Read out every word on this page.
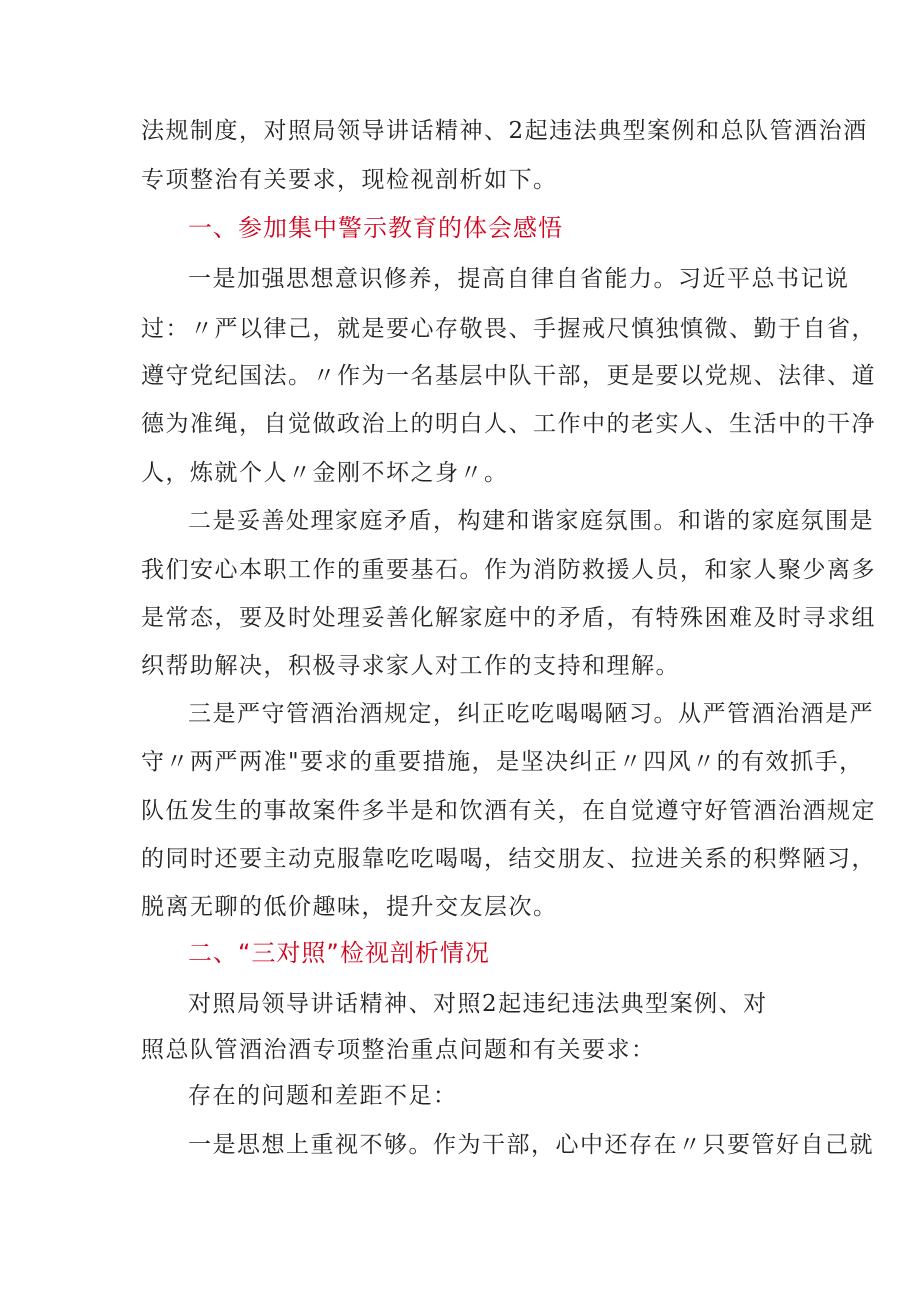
法规制度，对照局领导讲话精神、2起违法典型案例和总队管酒治酒
专项整治有关要求，现检视剖析如下。
一、参加集中警示教育的体会感悟
一是加强思想意识修养，提高自律自省能力。习近平总书记说
过：〃严以律己，就是要心存敬畏、手握戒尺慎独慎微、勤于自省，
遵守党纪国法。〃作为一名基层中队干部，更是要以党规、法律、道
德为准绳，自觉做政治上的明白人、工作中的老实人、生活中的干净
人，炼就个人〃金刚不坏之身〃。
二是妥善处理家庭矛盾，构建和谐家庭氛围。和谐的家庭氛围是
我们安心本职工作的重要基石。作为消防救援人员，和家人聚少离多
是常态，要及时处理妥善化解家庭中的矛盾，有特殊困难及时寻求组
织帮助解决，积极寻求家人对工作的支持和理解。
三是严守管酒治酒规定，纠正吃吃喝喝陋习。从严管酒治酒是严
守〃两严两准"要求的重要措施，是坚决纠正〃四风〃的有效抓手，
队伍发生的事故案件多半是和饮酒有关，在自觉遵守好管酒治酒规定
的同时还要主动克服靠吃吃喝喝，结交朋友、拉进关系的积弊陋习，
脱离无聊的低价趣味，提升交友层次。
二、“三对照”检视剖析情况
对照局领导讲话精神、对照2起违纪违法典型案例、对
照总队管酒治酒专项整治重点问题和有关要求：
存在的问题和差距不足：
一是思想上重视不够。作为干部，心中还存在〃只要管好自己就
